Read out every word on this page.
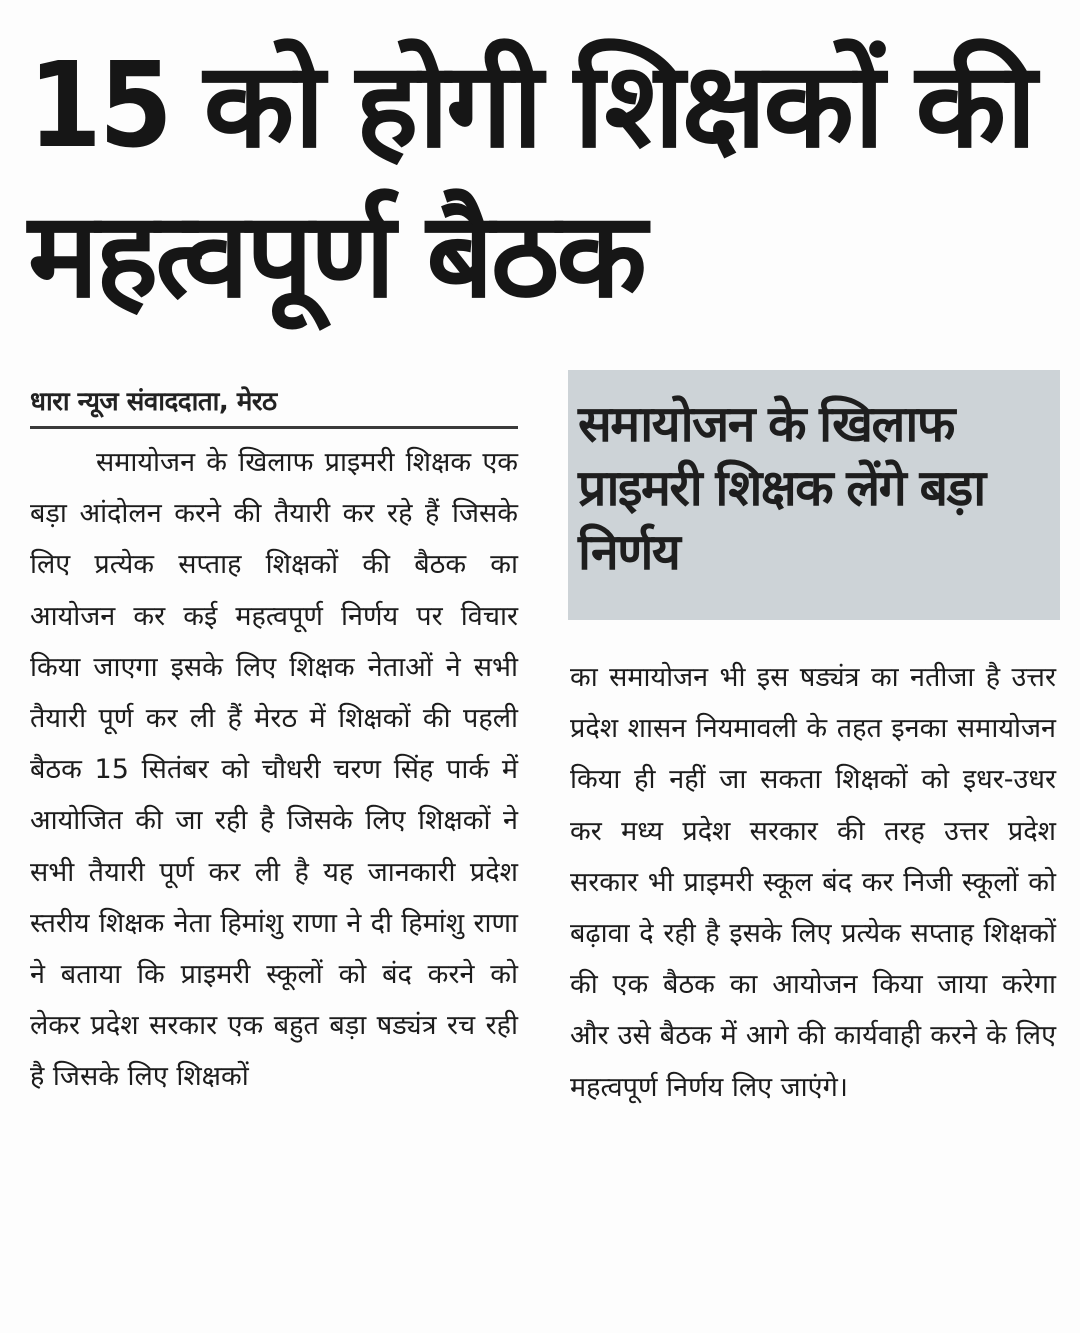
15 को होगी शिक्षकों की
महत्वपूर्ण बैठक
धारा न्यूज संवाददाता, मेरठ

समायोजन के खिलाफ प्राइमरी शिक्षक एक बड़ा आंदोलन करने की तैयारी कर रहे हैं जिसके लिए प्रत्येक सप्ताह शिक्षकों की बैठक का आयोजन कर कई महत्वपूर्ण निर्णय पर विचार किया जाएगा इसके लिए शिक्षक नेताओं ने सभी तैयारी पूर्ण कर ली हैं मेरठ में शिक्षकों की पहली बैठक 15 सितंबर को चौधरी चरण सिंह पार्क में आयोजित की जा रही है जिसके लिए शिक्षकों ने सभी तैयारी पूर्ण कर ली है यह जानकारी प्रदेश स्तरीय शिक्षक नेता हिमांशु राणा ने दी हिमांशु राणा ने बताया कि प्राइमरी स्कूलों को बंद करने को लेकर प्रदेश सरकार एक बहुत बड़ा षड्यंत्र रच रही है जिसके लिए शिक्षकों

समायोजन के खिलाफ प्राइमरी शिक्षक लेंगे बड़ा निर्णय

का समायोजन भी इस षड्यंत्र का नतीजा है उत्तर प्रदेश शासन नियमावली के तहत इनका समायोजन किया ही नहीं जा सकता शिक्षकों को इधर-उधर कर मध्य प्रदेश सरकार की तरह उत्तर प्रदेश सरकार भी प्राइमरी स्कूल बंद कर निजी स्कूलों को बढ़ावा दे रही है इसके लिए प्रत्येक सप्ताह शिक्षकों की एक बैठक का आयोजन किया जाया करेगा और उसे बैठक में आगे की कार्यवाही करने के लिए महत्वपूर्ण निर्णय लिए जाएंगे।
